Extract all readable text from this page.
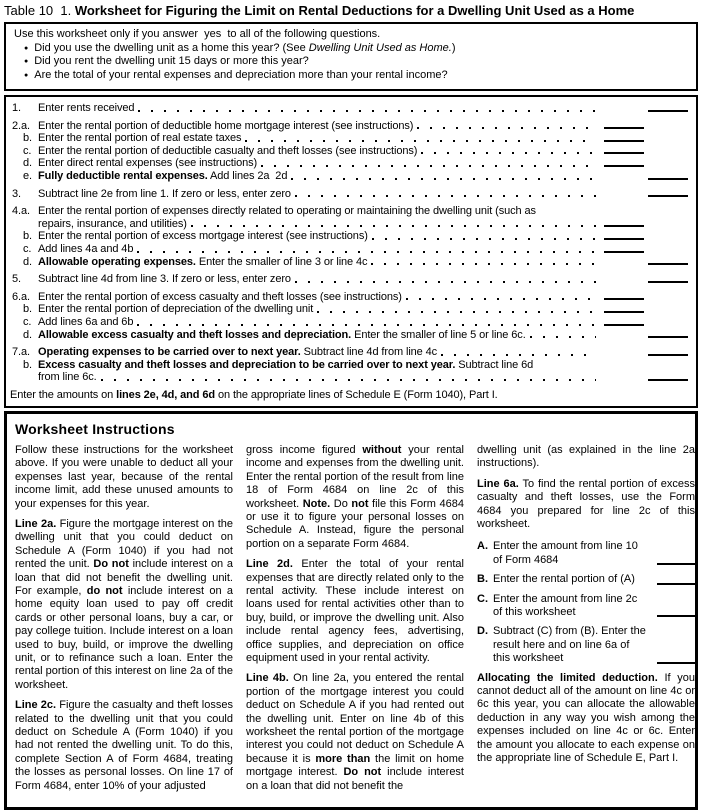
Table 10  1. Worksheet for Figuring the Limit on Rental Deductions for a Dwelling Unit Used as a Home
Use this worksheet only if you answer  yes  to all of the following questions.
● Did you use the dwelling unit as a home this year? (See Dwelling Unit Used as Home.)
● Did you rent the dwelling unit 15 days or more this year?
● Are the total of your rental expenses and depreciation more than your rental income?
1.	Enter rents received
2.a. Enter the rental portion of deductible home mortgage interest (see instructions)
b. Enter the rental portion of real estate taxes
c. Enter the rental portion of deductible casualty and theft losses (see instructions)
d. Enter direct rental expenses (see instructions)
e. Fully deductible rental expenses. Add lines 2a  2d
3.	Subtract line 2e from line 1. If zero or less, enter zero
4.a. Enter the rental portion of expenses directly related to operating or maintaining the dwelling unit (such as
repairs, insurance, and utilities)
b. Enter the rental portion of excess mortgage interest (see instructions)
c. Add lines 4a and 4b
d. Allowable operating expenses. Enter the smaller of line 3 or line 4c
5.	Subtract line 4d from line 3. If zero or less, enter zero
6.a. Enter the rental portion of excess casualty and theft losses (see instructions)
b. Enter the rental portion of depreciation of the dwelling unit
c. Add lines 6a and 6b
d. Allowable excess casualty and theft losses and depreciation. Enter the smaller of line 5 or line 6c.
7.a. Operating expenses to be carried over to next year. Subtract line 4d from line 4c
b. Excess casualty and theft losses and depreciation to be carried over to next year. Subtract line 6d
from line 6c.
Enter the amounts on lines 2e, 4d, and 6d on the appropriate lines of Schedule E (Form 1040), Part I.
Worksheet Instructions

Follow these instructions for the worksheet above. If you were unable to deduct all your expenses last year, because of the rental income limit, add these unused amounts to your expenses for this year.

Line 2a. Figure the mortgage interest on the dwelling unit that you could deduct on Schedule A (Form 1040) if you had not rented the unit. Do not include interest on a loan that did not benefit the dwelling unit. For example, do not include interest on a home equity loan used to pay off credit cards or other personal loans, buy a car, or pay college tuition. Include interest on a loan used to buy, build, or improve the dwelling unit, or to refinance such a loan. Enter the rental portion of this interest on line 2a of the worksheet.

Line 2c. Figure the casualty and theft losses related to the dwelling unit that you could deduct on Schedule A (Form 1040) if you had not rented the dwelling unit. To do this, complete Section A of Form 4684, treating the losses as personal losses. On line 17 of Form 4684, enter 10% of your adjusted

gross income figured without your rental income and expenses from the dwelling unit. Enter the rental portion of the result from line 18 of Form 4684 on line 2c of this worksheet. Note. Do not file this Form 4684 or use it to figure your personal losses on Schedule A. Instead, figure the personal portion on a separate Form 4684.

Line 2d. Enter the total of your rental expenses that are directly related only to the rental activity. These include interest on loans used for rental activities other than to buy, build, or improve the dwelling unit. Also include rental agency fees, advertising, office supplies, and depreciation on office equipment used in your rental activity.

Line 4b. On line 2a, you entered the rental portion of the mortgage interest you could deduct on Schedule A if you had rented out the dwelling unit. Enter on line 4b of this worksheet the rental portion of the mortgage interest you could not deduct on Schedule A because it is more than the limit on home mortgage interest. Do not include interest on a loan that did not benefit the

dwelling unit (as explained in the line 2a instructions).

Line 6a. To find the rental portion of excess casualty and theft losses, use the Form 4684 you prepared for line 2c of this worksheet.

A. Enter the amount from line 10
of Form 4684
B. Enter the rental portion of (A)
C. Enter the amount from line 2c
of this worksheet
D. Subtract (C) from (B). Enter the
result here and on line 6a of
this worksheet

Allocating the limited deduction. If you cannot deduct all of the amount on line 4c or 6c this year, you can allocate the allowable deduction in any way you wish among the expenses included on line 4c or 6c. Enter the amount you allocate to each expense on the appropriate line of Schedule E, Part I.
